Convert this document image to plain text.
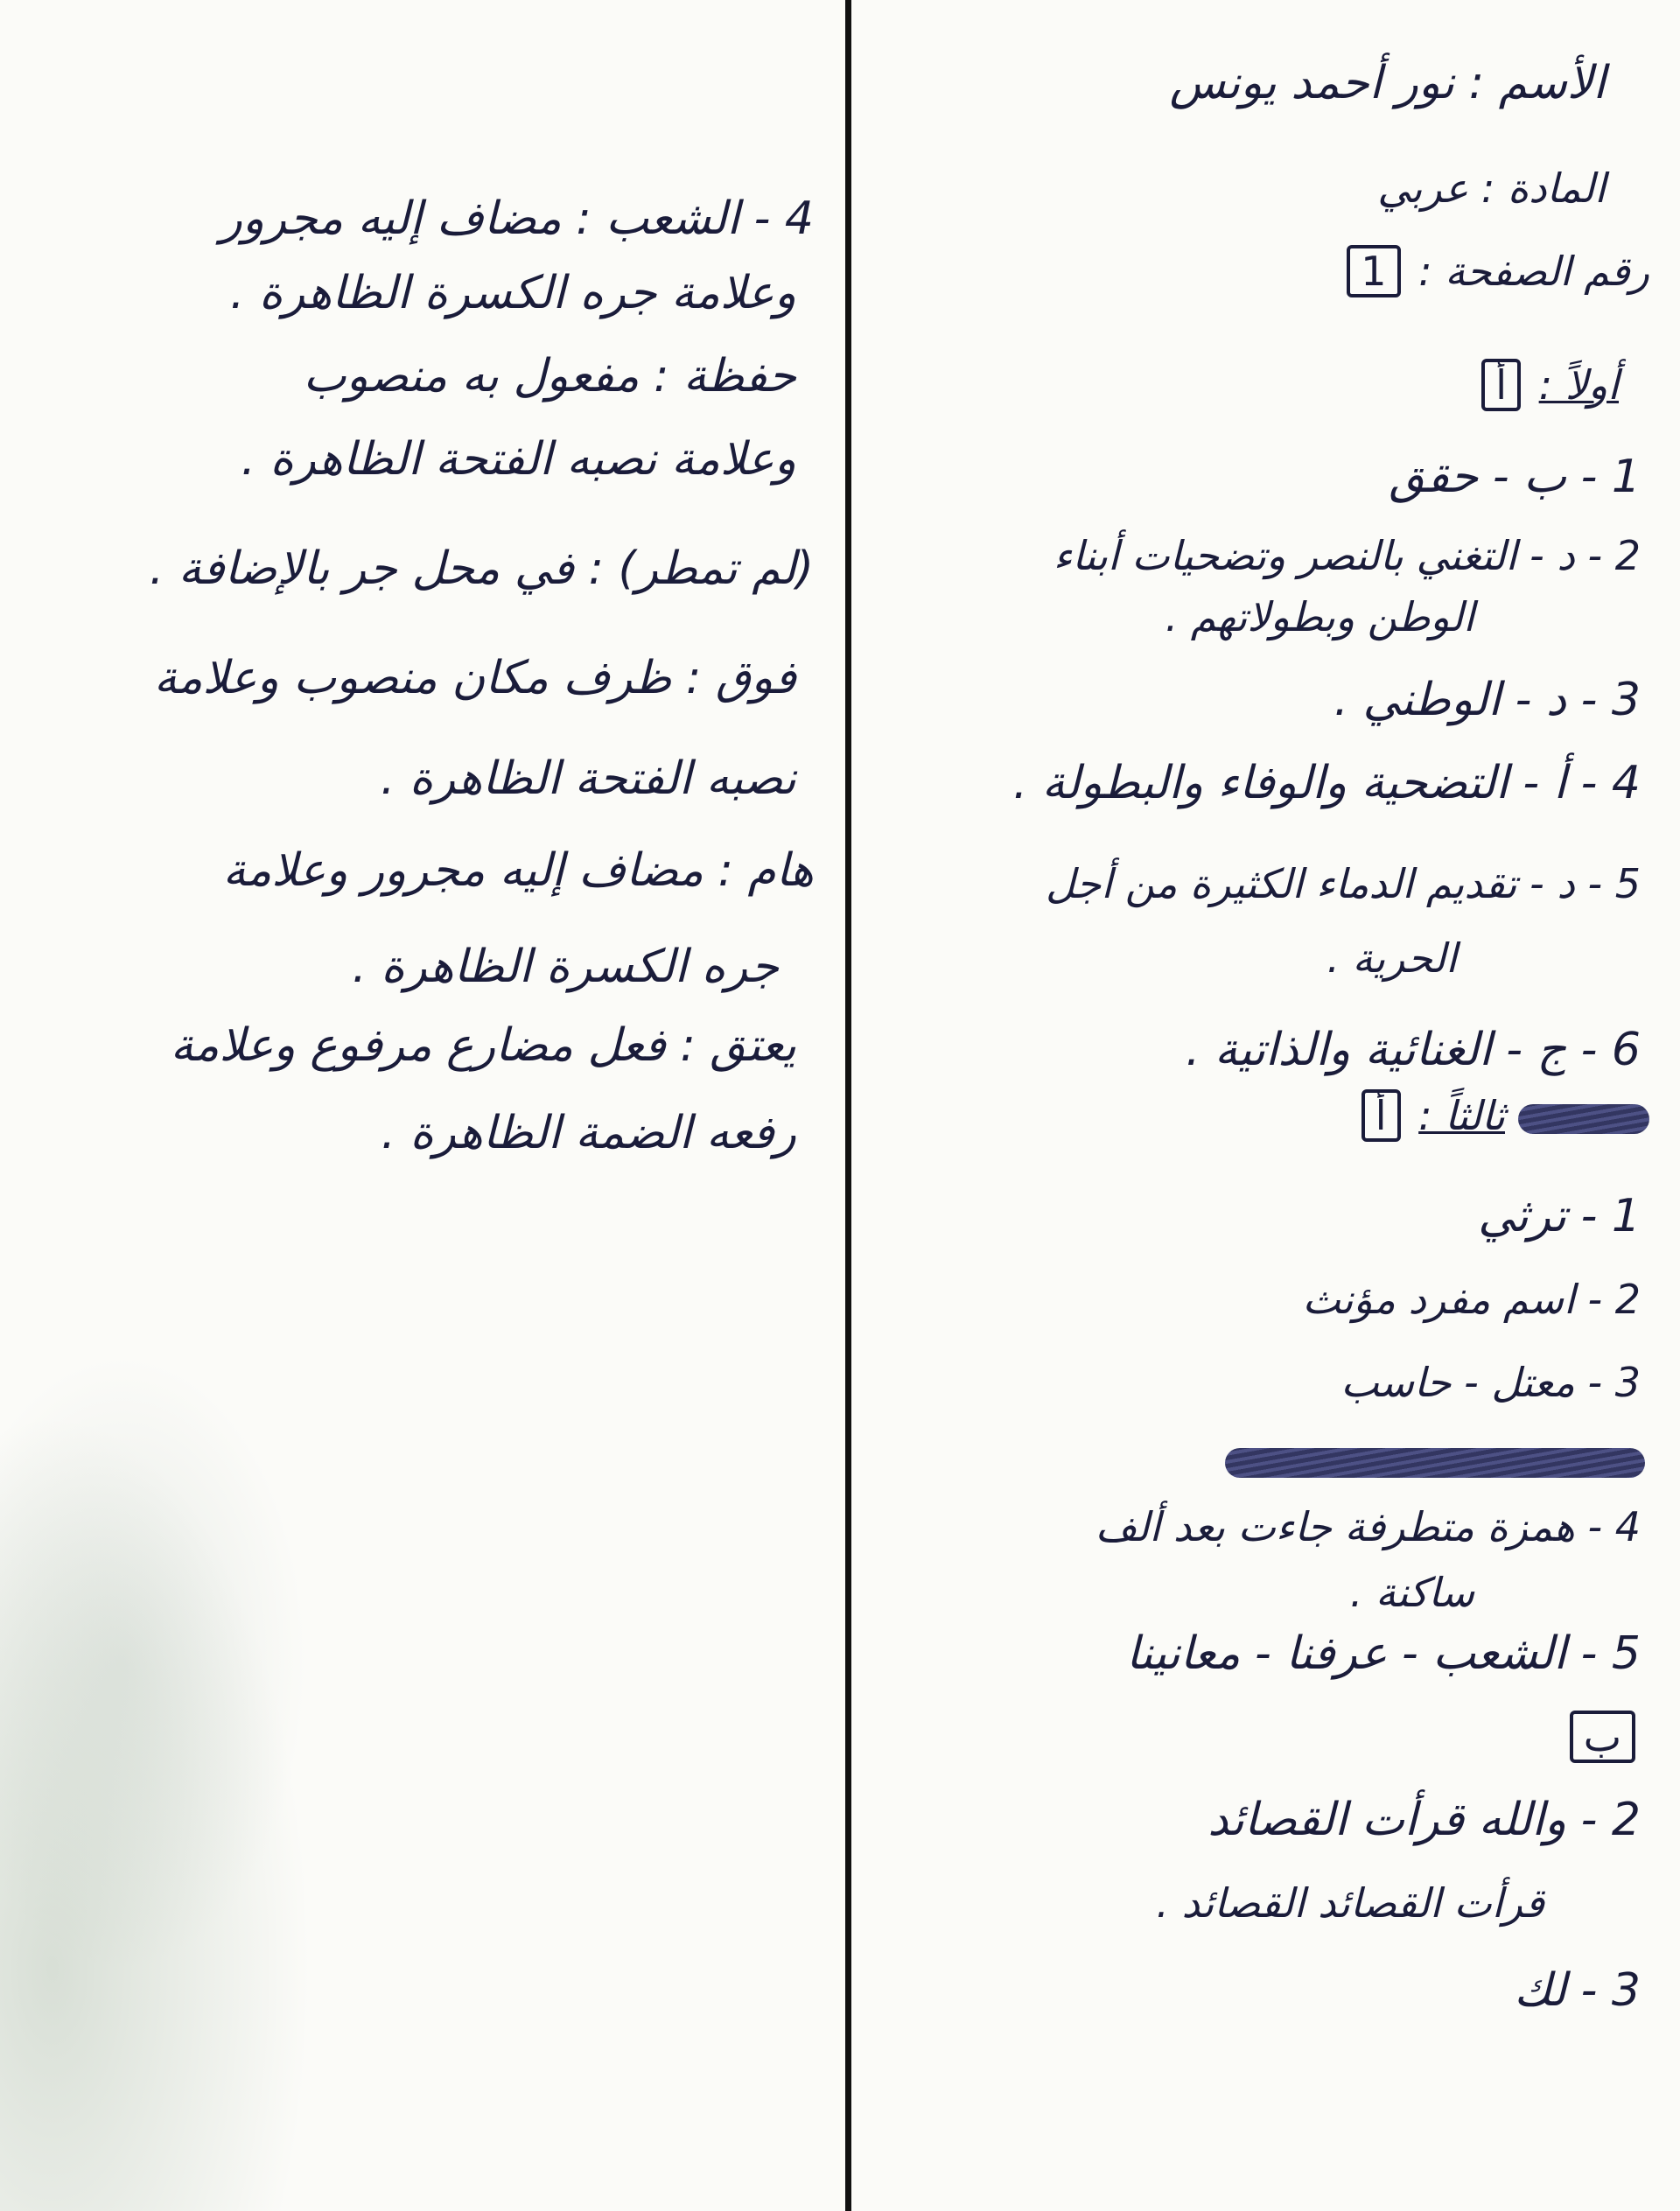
الأسم : نور أحمد يونس
المادة : عربي
رقم الصفحة : 1
أولاً : أ
1 - ب - حقق
2 - د - التغني بالنصر وتضحيات أبناء
الوطن وبطولاتهم .
3 - د - الوطني .
4 - أ - التضحية والوفاء والبطولة .
5 - د - تقديم الدماء الكثيرة من أجل
الحرية .
6 - ج - الغنائية والذاتية .
ثالثاً : أ
1 - ترثي
2 - اسم مفرد مؤنث
3 - معتل - حاسب
4 - همزة متطرفة جاءت بعد ألف
ساكنة .
5 - الشعب - عرفنا - معانينا
ب
2 - والله قرأت القصائد
قرأت القصائد القصائد .
3 - لك
4 - الشعب : مضاف إليه مجرور
وعلامة جره الكسرة الظاهرة .
حفظة : مفعول به منصوب
وعلامة نصبه الفتحة الظاهرة .
(لم تمطر) : في محل جر بالإضافة .
فوق : ظرف مكان منصوب وعلامة
نصبه الفتحة الظاهرة .
هام : مضاف إليه مجرور وعلامة
جره الكسرة الظاهرة .
يعتق : فعل مضارع مرفوع وعلامة
رفعه الضمة الظاهرة .
